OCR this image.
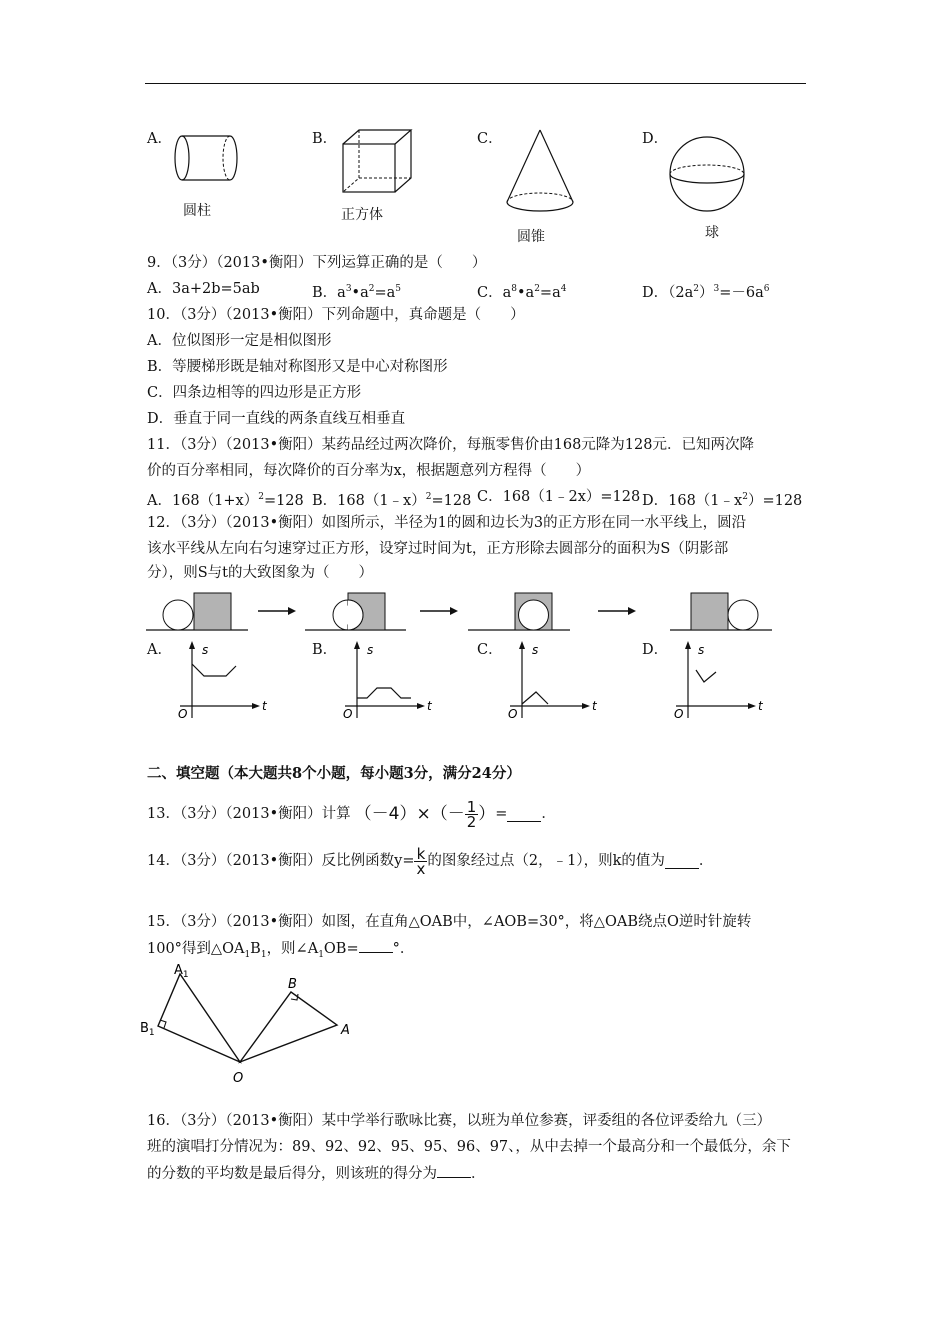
A．	B．	C．	D．
圆柱	正方体
圆锥	球
9．（3分）（2013•衡阳）下列运算正确的是（　　）
A．3a+2b=5ab	B．$a^3•a^2=a^5$	C．$a^8•a^2=a^4$	D．$(2a^2)^3=-6a^6$
10．（3分）（2013•衡阳）下列命题中，真命题是（　　）
A．位似图形一定是相似图形
B．等腰梯形既是轴对称图形又是中心对称图形
C．四条边相等的四边形是正方形
D．垂直于同一直线的两条直线互相垂直
11．（3分）（2013•衡阳）某药品经过两次降价，每瓶零售价由168元降为128元．已知两次降
价的百分率相同，每次降价的百分率为x，根据题意列方程得（　　）
A．$168(1+x)^2=128$ B．168（1﹣x）$^2$=128 C．168（1﹣2x）=128 D．$168(1﹣x^2)=128$
12．（3分）（2013•衡阳）如图所示，半径为1的圆和边长为3的正方形在同一水平线上，圆沿
该水平线从左向右匀速穿过正方形，设穿过时间为t，正方形除去圆部分的面积为S（阴影部
分），则S与t的大致图象为（　　）
A．	B．	C．	D．
s
t
O
s
t
O
s
t
O
s
t
O
二、填空题（本大题共8个小题，每小题3分，满分24分）
13．（3分）（2013•衡阳）计算 $(-4)\times(- \frac{1}{2}$ ） = ．
14．（3分）（2013•衡阳）反比例函数$y= \frac{k}{x}$ 的图象经过点（2，﹣1），则k的值为 ．
15．（3分）（2013•衡阳）如图，在直角△OAB中，∠AOB=30°，将△OAB绕点O逆时针旋转
100°得到$\triangle OA_1B_1$，则$\angle A_1OB=$ °．
$A_1$
$B_1$
B
A
O
16．（3分）（2013•衡阳）某中学举行歌咏比赛，以班为单位参赛，评委组的各位评委给九（三）
班的演唱打分情况为：89、92、92、95、95、96、97、，从中去掉一个最高分和一个最低分，余下
的分数的平均数是最后得分，则该班的得分为 ．
